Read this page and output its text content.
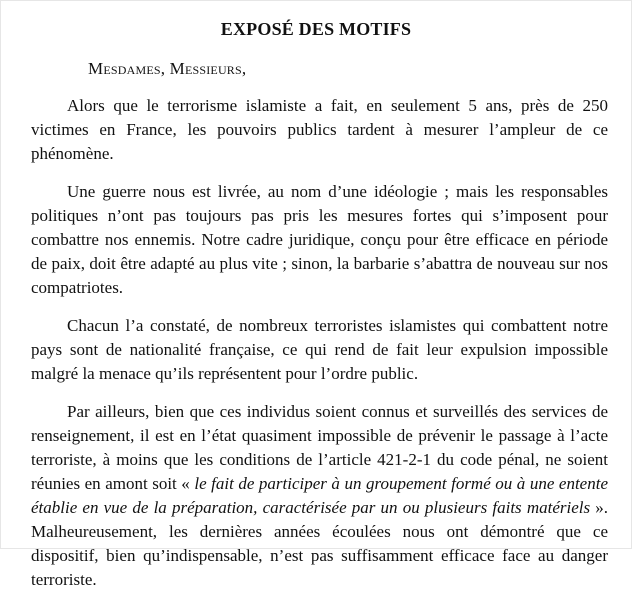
EXPOSÉ DES MOTIFS

Mesdames, Messieurs,

Alors que le terrorisme islamiste a fait, en seulement 5 ans, près de 250 victimes en France, les pouvoirs publics tardent à mesurer l’ampleur de ce phénomène.

Une guerre nous est livrée, au nom d’une idéologie ; mais les responsables politiques n’ont pas toujours pas pris les mesures fortes qui s’imposent pour combattre nos ennemis. Notre cadre juridique, conçu pour être efficace en période de paix, doit être adapté au plus vite ; sinon, la barbarie s’abattra de nouveau sur nos compatriotes.

Chacun l’a constaté, de nombreux terroristes islamistes qui combattent notre pays sont de nationalité française, ce qui rend de fait leur expulsion impossible malgré la menace qu’ils représentent pour l’ordre public.

Par ailleurs, bien que ces individus soient connus et surveillés des services de renseignement, il est en l’état quasiment impossible de prévenir le passage à l’acte terroriste, à moins que les conditions de l’article 421-2-1 du code pénal, ne soient réunies en amont soit « le fait de participer à un groupement formé ou à une entente établie en vue de la préparation, caractérisée par un ou plusieurs faits matériels ». Malheureusement, les dernières années écoulées nous ont démontré que ce dispositif, bien qu’indispensable, n’est pas suffisamment efficace face au danger terroriste.
